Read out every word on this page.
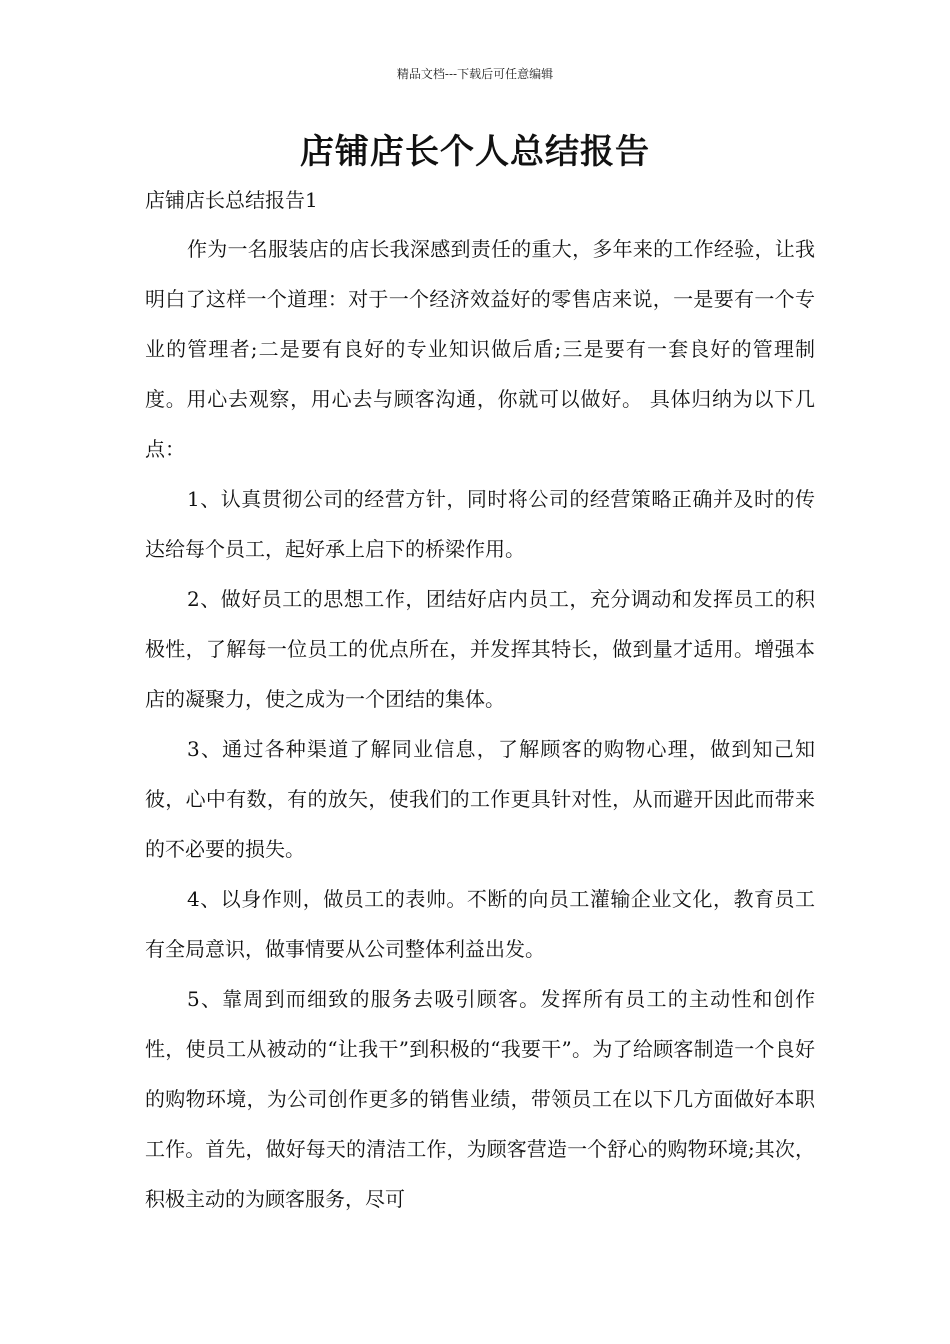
精品文档---下载后可任意编辑
店铺店长个人总结报告

店铺店长总结报告1

作为一名服装店的店长我深感到责任的重大，多年来的工作经验，让我明白了这样一个道理：对于一个经济效益好的零售店来说，一是要有一个专业的管理者;二是要有良好的专业知识做后盾;三是要有一套良好的管理制度。用心去观察，用心去与顾客沟通，你就可以做好。 具体归纳为以下几点：

1、认真贯彻公司的经营方针，同时将公司的经营策略正确并及时的传达给每个员工，起好承上启下的桥梁作用。

2、做好员工的思想工作，团结好店内员工，充分调动和发挥员工的积极性，了解每一位员工的优点所在，并发挥其特长，做到量才适用。增强本店的凝聚力，使之成为一个团结的集体。

3、通过各种渠道了解同业信息，了解顾客的购物心理，做到知己知彼，心中有数，有的放矢，使我们的工作更具针对性，从而避开因此而带来的不必要的损失。

4、以身作则，做员工的表帅。不断的向员工灌输企业文化，教育员工有全局意识，做事情要从公司整体利益出发。

5、靠周到而细致的服务去吸引顾客。发挥所有员工的主动性和创作性，使员工从被动的“让我干”到积极的“我要干”。为了给顾客制造一个良好的购物环境，为公司创作更多的销售业绩，带领员工在以下几方面做好本职工作。首先，做好每天的清洁工作，为顾客营造一个舒心的购物环境;其次，积极主动的为顾客服务，尽可
